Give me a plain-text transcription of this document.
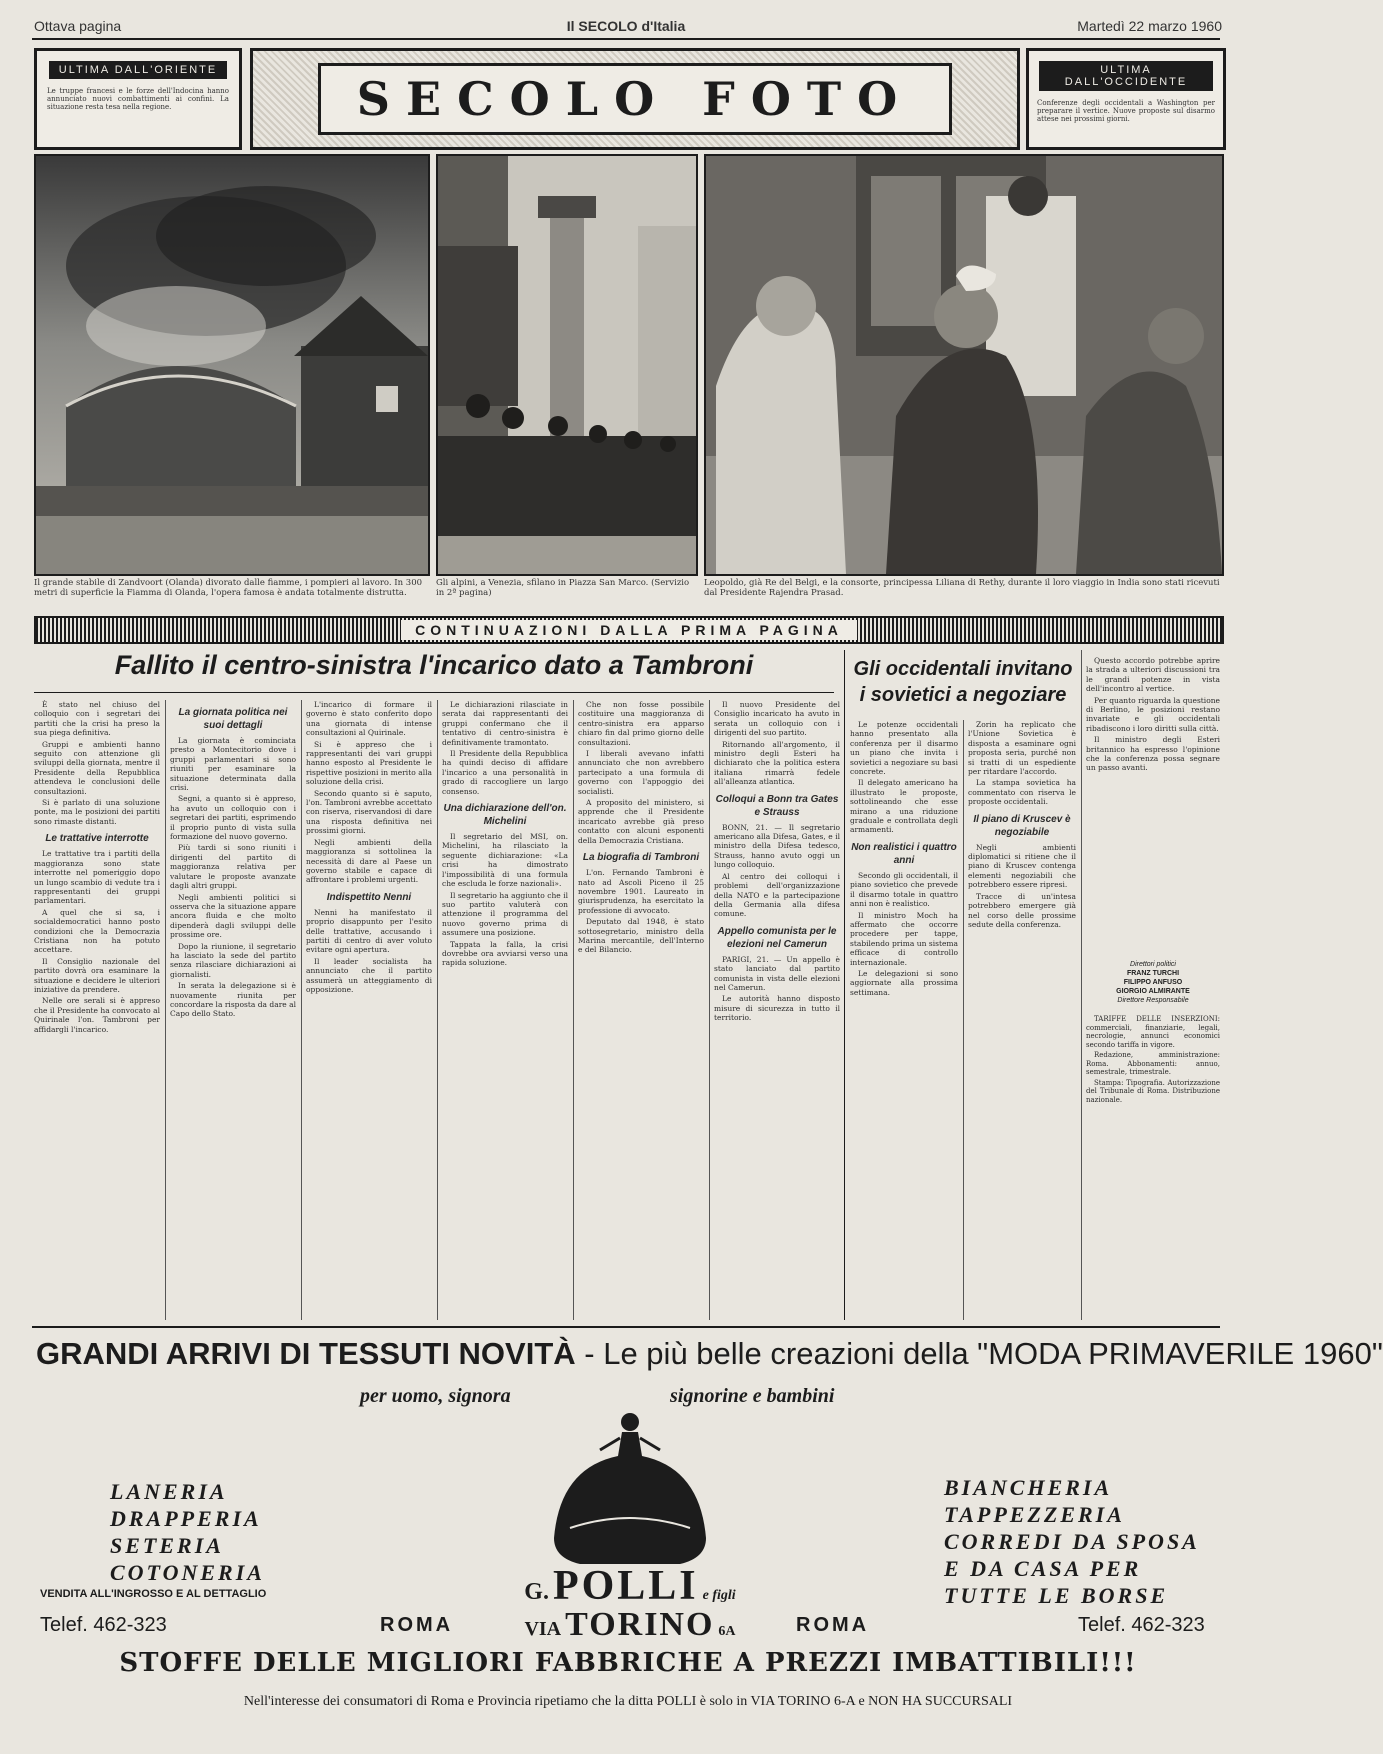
Ottava pagina	Il SECOLO d'Italia	Martedì 22 marzo 1960
ULTIMA DALL'ORIENTE
Le truppe francesi e le forze dell'Indocina hanno annunciato nuovi combattimenti ai confini. La situazione resta tesa nella regione.	SECOLO FOTO
ULTIMA DALL'OCCIDENTE
Conferenze degli occidentali a Washington per preparare il vertice. Nuove proposte sul disarmo attese nei prossimi giorni.
Il grande stabile di Zandvoort (Olanda) divorato dalle fiamme, i pompieri al lavoro. In 300 metri di superficie la Fiamma di Olanda, l'opera famosa è andata totalmente distrutta.
Gli alpini, a Venezia, sfilano in Piazza San Marco. (Servizio in 2ª pagina)
Leopoldo, già Re del Belgi, e la consorte, principessa Liliana di Rethy, durante il loro viaggio in India sono stati ricevuti dal Presidente Rajendra Prasad.
CONTINUAZIONI DALLA PRIMA PAGINA
Fallito il centro-sinistra l'incarico dato a Tambroni

È stato nel chiuso del colloquio con i segretari dei partiti che la crisi ha preso la sua piega definitiva.

Gruppi e ambienti hanno seguito con attenzione gli sviluppi della giornata, mentre il Presidente della Repubblica attendeva le conclusioni delle consultazioni.

Si è parlato di una soluzione ponte, ma le posizioni dei partiti sono rimaste distanti.

Le trattative interrotte

Le trattative tra i partiti della maggioranza sono state interrotte nel pomeriggio dopo un lungo scambio di vedute tra i rappresentanti dei gruppi parlamentari.

A quel che si sa, i socialdemocratici hanno posto condizioni che la Democrazia Cristiana non ha potuto accettare.

Il Consiglio nazionale del partito dovrà ora esaminare la situazione e decidere le ulteriori iniziative da prendere.

Nelle ore serali si è appreso che il Presidente ha convocato al Quirinale l'on. Tambroni per affidargli l'incarico.

La giornata politica nei suoi dettagli

La giornata è cominciata presto a Montecitorio dove i gruppi parlamentari si sono riuniti per esaminare la situazione determinata dalla crisi.

Segni, a quanto si è appreso, ha avuto un colloquio con i segretari dei partiti, esprimendo il proprio punto di vista sulla formazione del nuovo governo.

Più tardi si sono riuniti i dirigenti del partito di maggioranza relativa per valutare le proposte avanzate dagli altri gruppi.

Negli ambienti politici si osserva che la situazione appare ancora fluida e che molto dipenderà dagli sviluppi delle prossime ore.

Dopo la riunione, il segretario ha lasciato la sede del partito senza rilasciare dichiarazioni ai giornalisti.

In serata la delegazione si è nuovamente riunita per concordare la risposta da dare al Capo dello Stato.

L'incarico di formare il governo è stato conferito dopo una giornata di intense consultazioni al Quirinale.

Si è appreso che i rappresentanti dei vari gruppi hanno esposto al Presidente le rispettive posizioni in merito alla soluzione della crisi.

Secondo quanto si è saputo, l'on. Tambroni avrebbe accettato con riserva, riservandosi di dare una risposta definitiva nei prossimi giorni.

Negli ambienti della maggioranza si sottolinea la necessità di dare al Paese un governo stabile e capace di affrontare i problemi urgenti.

Indispettito Nenni

Nenni ha manifestato il proprio disappunto per l'esito delle trattative, accusando i partiti di centro di aver voluto evitare ogni apertura.

Il leader socialista ha annunciato che il partito assumerà un atteggiamento di opposizione.

Le dichiarazioni rilasciate in serata dai rappresentanti dei gruppi confermano che il tentativo di centro-sinistra è definitivamente tramontato.

Il Presidente della Repubblica ha quindi deciso di affidare l'incarico a una personalità in grado di raccogliere un largo consenso.

Una dichiarazione dell'on. Michelini

Il segretario del MSI, on. Michelini, ha rilasciato la seguente dichiarazione: «La crisi ha dimostrato l'impossibilità di una formula che escluda le forze nazionali».

Il segretario ha aggiunto che il suo partito valuterà con attenzione il programma del nuovo governo prima di assumere una posizione.

Tappata la falla, la crisi dovrebbe ora avviarsi verso una rapida soluzione.

Che non fosse possibile costituire una maggioranza di centro-sinistra era apparso chiaro fin dal primo giorno delle consultazioni.

I liberali avevano infatti annunciato che non avrebbero partecipato a una formula di governo con l'appoggio dei socialisti.

A proposito del ministero, si apprende che il Presidente incaricato avrebbe già preso contatto con alcuni esponenti della Democrazia Cristiana.

La biografia di Tambroni

L'on. Fernando Tambroni è nato ad Ascoli Piceno il 25 novembre 1901. Laureato in giurisprudenza, ha esercitato la professione di avvocato.

Deputato dal 1948, è stato sottosegretario, ministro della Marina mercantile, dell'Interno e del Bilancio.

Il nuovo Presidente del Consiglio incaricato ha avuto in serata un colloquio con i dirigenti del suo partito.

Ritornando all'argomento, il ministro degli Esteri ha dichiarato che la politica estera italiana rimarrà fedele all'alleanza atlantica.

Colloqui a Bonn tra Gates e Strauss

BONN, 21. — Il segretario americano alla Difesa, Gates, e il ministro della Difesa tedesco, Strauss, hanno avuto oggi un lungo colloquio.

Al centro dei colloqui i problemi dell'organizzazione della NATO e la partecipazione della Germania alla difesa comune.

Appello comunista per le elezioni nel Camerun

PARIGI, 21. — Un appello è stato lanciato dal partito comunista in vista delle elezioni nel Camerun.

Le autorità hanno disposto misure di sicurezza in tutto il territorio.

Gli occidentali invitano
i sovietici a negoziare

Le potenze occidentali hanno presentato alla conferenza per il disarmo un piano che invita i sovietici a negoziare su basi concrete.

Il delegato americano ha illustrato le proposte, sottolineando che esse mirano a una riduzione graduale e controllata degli armamenti.

Non realistici i quattro anni

Secondo gli occidentali, il piano sovietico che prevede il disarmo totale in quattro anni non è realistico.

Il ministro Moch ha affermato che occorre procedere per tappe, stabilendo prima un sistema efficace di controllo internazionale.

Le delegazioni si sono aggiornate alla prossima settimana.

Zorin ha replicato che l'Unione Sovietica è disposta a esaminare ogni proposta seria, purché non si tratti di un espediente per ritardare l'accordo.

La stampa sovietica ha commentato con riserva le proposte occidentali.

Il piano di Kruscev è negoziabile

Negli ambienti diplomatici si ritiene che il piano di Kruscev contenga elementi negoziabili che potrebbero essere ripresi.

Tracce di un'intesa potrebbero emergere già nel corso delle prossime sedute della conferenza.

Questo accordo potrebbe aprire la strada a ulteriori discussioni tra le grandi potenze in vista dell'incontro al vertice.

Per quanto riguarda la questione di Berlino, le posizioni restano invariate e gli occidentali ribadiscono i loro diritti sulla città.

Il ministro degli Esteri britannico ha espresso l'opinione che la conferenza possa segnare un passo avanti.

Direttori politici
FRANZ TURCHI
FILIPPO ANFUSO
GIORGIO ALMIRANTE
Direttore Responsabile

TARIFFE DELLE INSERZIONI: commerciali, finanziarie, legali, necrologie, annunci economici secondo tariffa in vigore.

Redazione, amministrazione: Roma. Abbonamenti: annuo, semestrale, trimestrale.

Stampa: Tipografia. Autorizzazione del Tribunale di Roma. Distribuzione nazionale.

GRANDI ARRIVI DI TESSUTI NOVITÀ - Le più belle creazioni della "MODA PRIMAVERILE 1960"
per uomo, signora	signorine e bambini
LANERIA
DRAPPERIA
SETERIA
COTONERIA
VENDITA ALL'INGROSSO E AL DETTAGLIO
BIANCHERIA
TAPPEZZERIA
CORREDI DA SPOSA
E DA CASA PER
TUTTE LE BORSE
G. POLLI e figli
VIA TORINO 6A
Telef. 462-323	ROMA	ROMA	Telef. 462-323
STOFFE DELLE MIGLIORI FABBRICHE A PREZZI IMBATTIBILI!!!
Nell'interesse dei consumatori di Roma e Provincia ripetiamo che la ditta POLLI è solo in VIA TORINO 6-A e NON HA SUCCURSALI
